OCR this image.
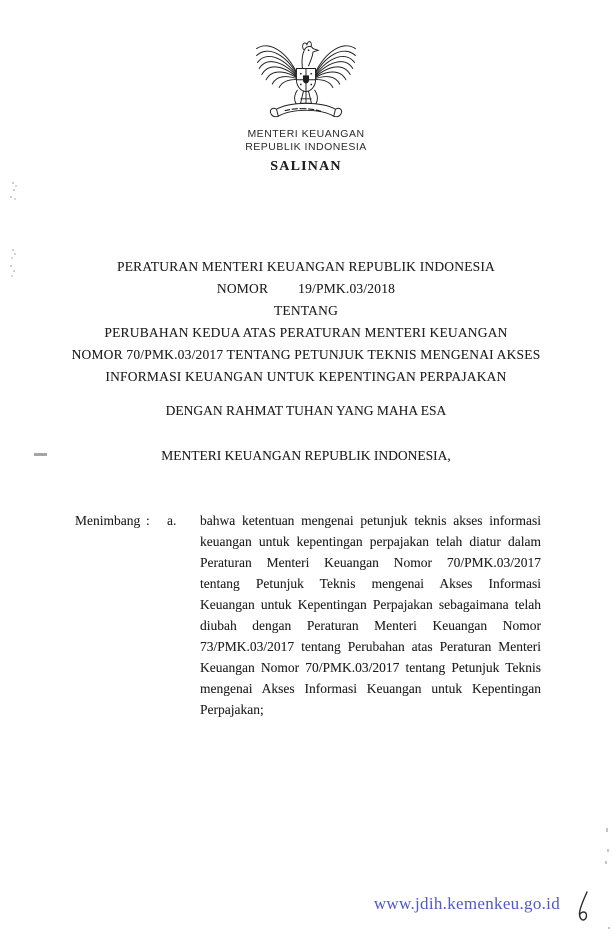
MENTERI KEUANGAN
REPUBLIK INDONESIA
SALINAN
PERATURAN MENTERI KEUANGAN REPUBLIK INDONESIA
NOMOR 19/PMK.03/2018
TENTANG
PERUBAHAN KEDUA ATAS PERATURAN MENTERI KEUANGAN
NOMOR 70/PMK.03/2017 TENTANG PETUNJUK TEKNIS MENGENAI AKSES
INFORMASI KEUANGAN UNTUK KEPENTINGAN PERPAJAKAN
DENGAN RAHMAT TUHAN YANG MAHA ESA
MENTERI KEUANGAN REPUBLIK INDONESIA,
Menimbang :	a.	bahwa ketentuan mengenai petunjuk teknis akses informasi keuangan untuk kepentingan perpajakan telah diatur dalam Peraturan Menteri Keuangan Nomor 70/PMK.03/2017 tentang Petunjuk Teknis mengenai Akses Informasi Keuangan untuk Kepentingan Perpajakan sebagaimana telah diubah dengan Peraturan Menteri Keuangan Nomor 73/PMK.03/2017 tentang Perubahan atas Peraturan Menteri Keuangan Nomor 70/PMK.03/2017 tentang Petunjuk Teknis mengenai Akses Informasi Keuangan untuk Kepentingan Perpajakan;
www.jdih.kemenkeu.go.id
